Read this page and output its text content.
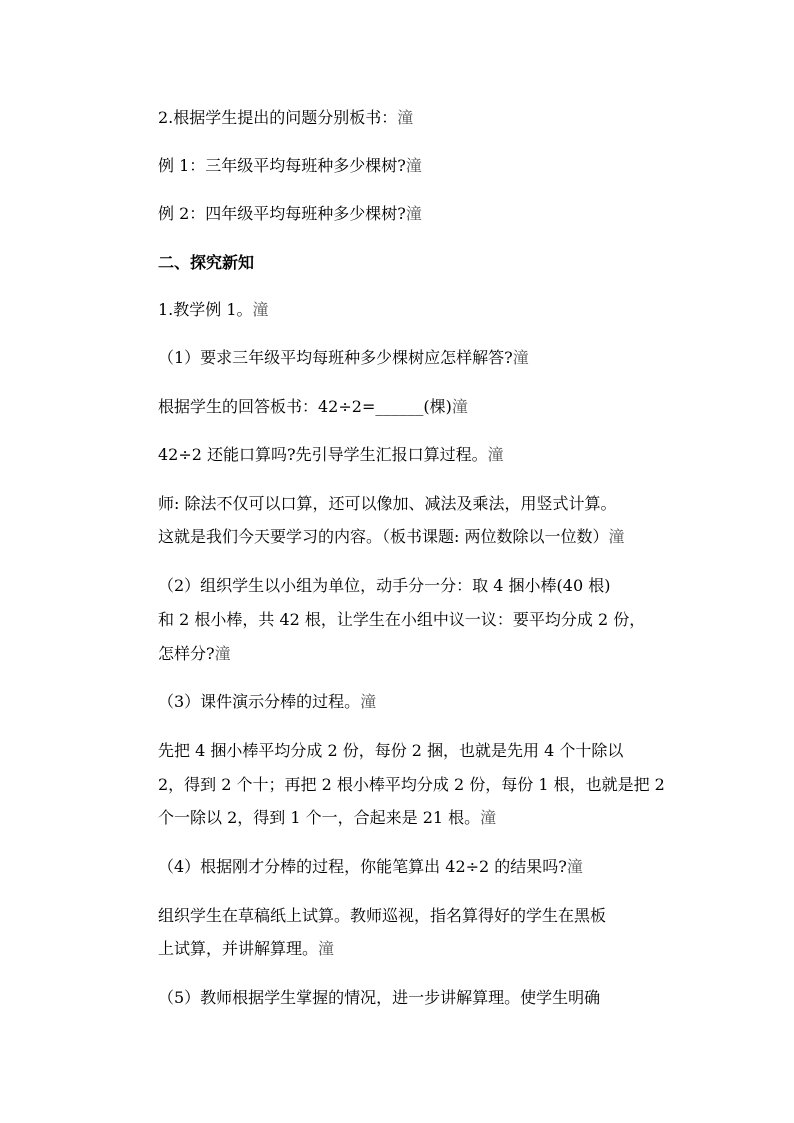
2.根据学生提出的问题分别板书：潼
例 1：三年级平均每班种多少棵树?潼
例 2：四年级平均每班种多少棵树?潼
二、探究新知
1.教学例 1。潼
（1）要求三年级平均每班种多少棵树应怎样解答?潼
根据学生的回答板书：42÷2=______(棵)潼
42÷2 还能口算吗?先引导学生汇报口算过程。潼
师: 除法不仅可以口算，还可以像加、减法及乘法，用竖式计算。
这就是我们今天要学习的内容。（板书课题: 两位数除以一位数）潼
（2）组织学生以小组为单位，动手分一分：取 4 捆小棒(40 根)
和 2 根小棒，共 42 根，让学生在小组中议一议：要平均分成 2 份，
怎样分?潼
（3）课件演示分棒的过程。潼
先把 4 捆小棒平均分成 2 份，每份 2 捆，也就是先用 4 个十除以
2，得到 2 个十；再把 2 根小棒平均分成 2 份，每份 1 根，也就是把 2
个一除以 2，得到 1 个一，合起来是 21 根。潼
（4）根据刚才分棒的过程，你能笔算出 42÷2 的结果吗?潼
组织学生在草稿纸上试算。教师巡视，指名算得好的学生在黑板
上试算，并讲解算理。潼
（5）教师根据学生掌握的情况，进一步讲解算理。使学生明确
